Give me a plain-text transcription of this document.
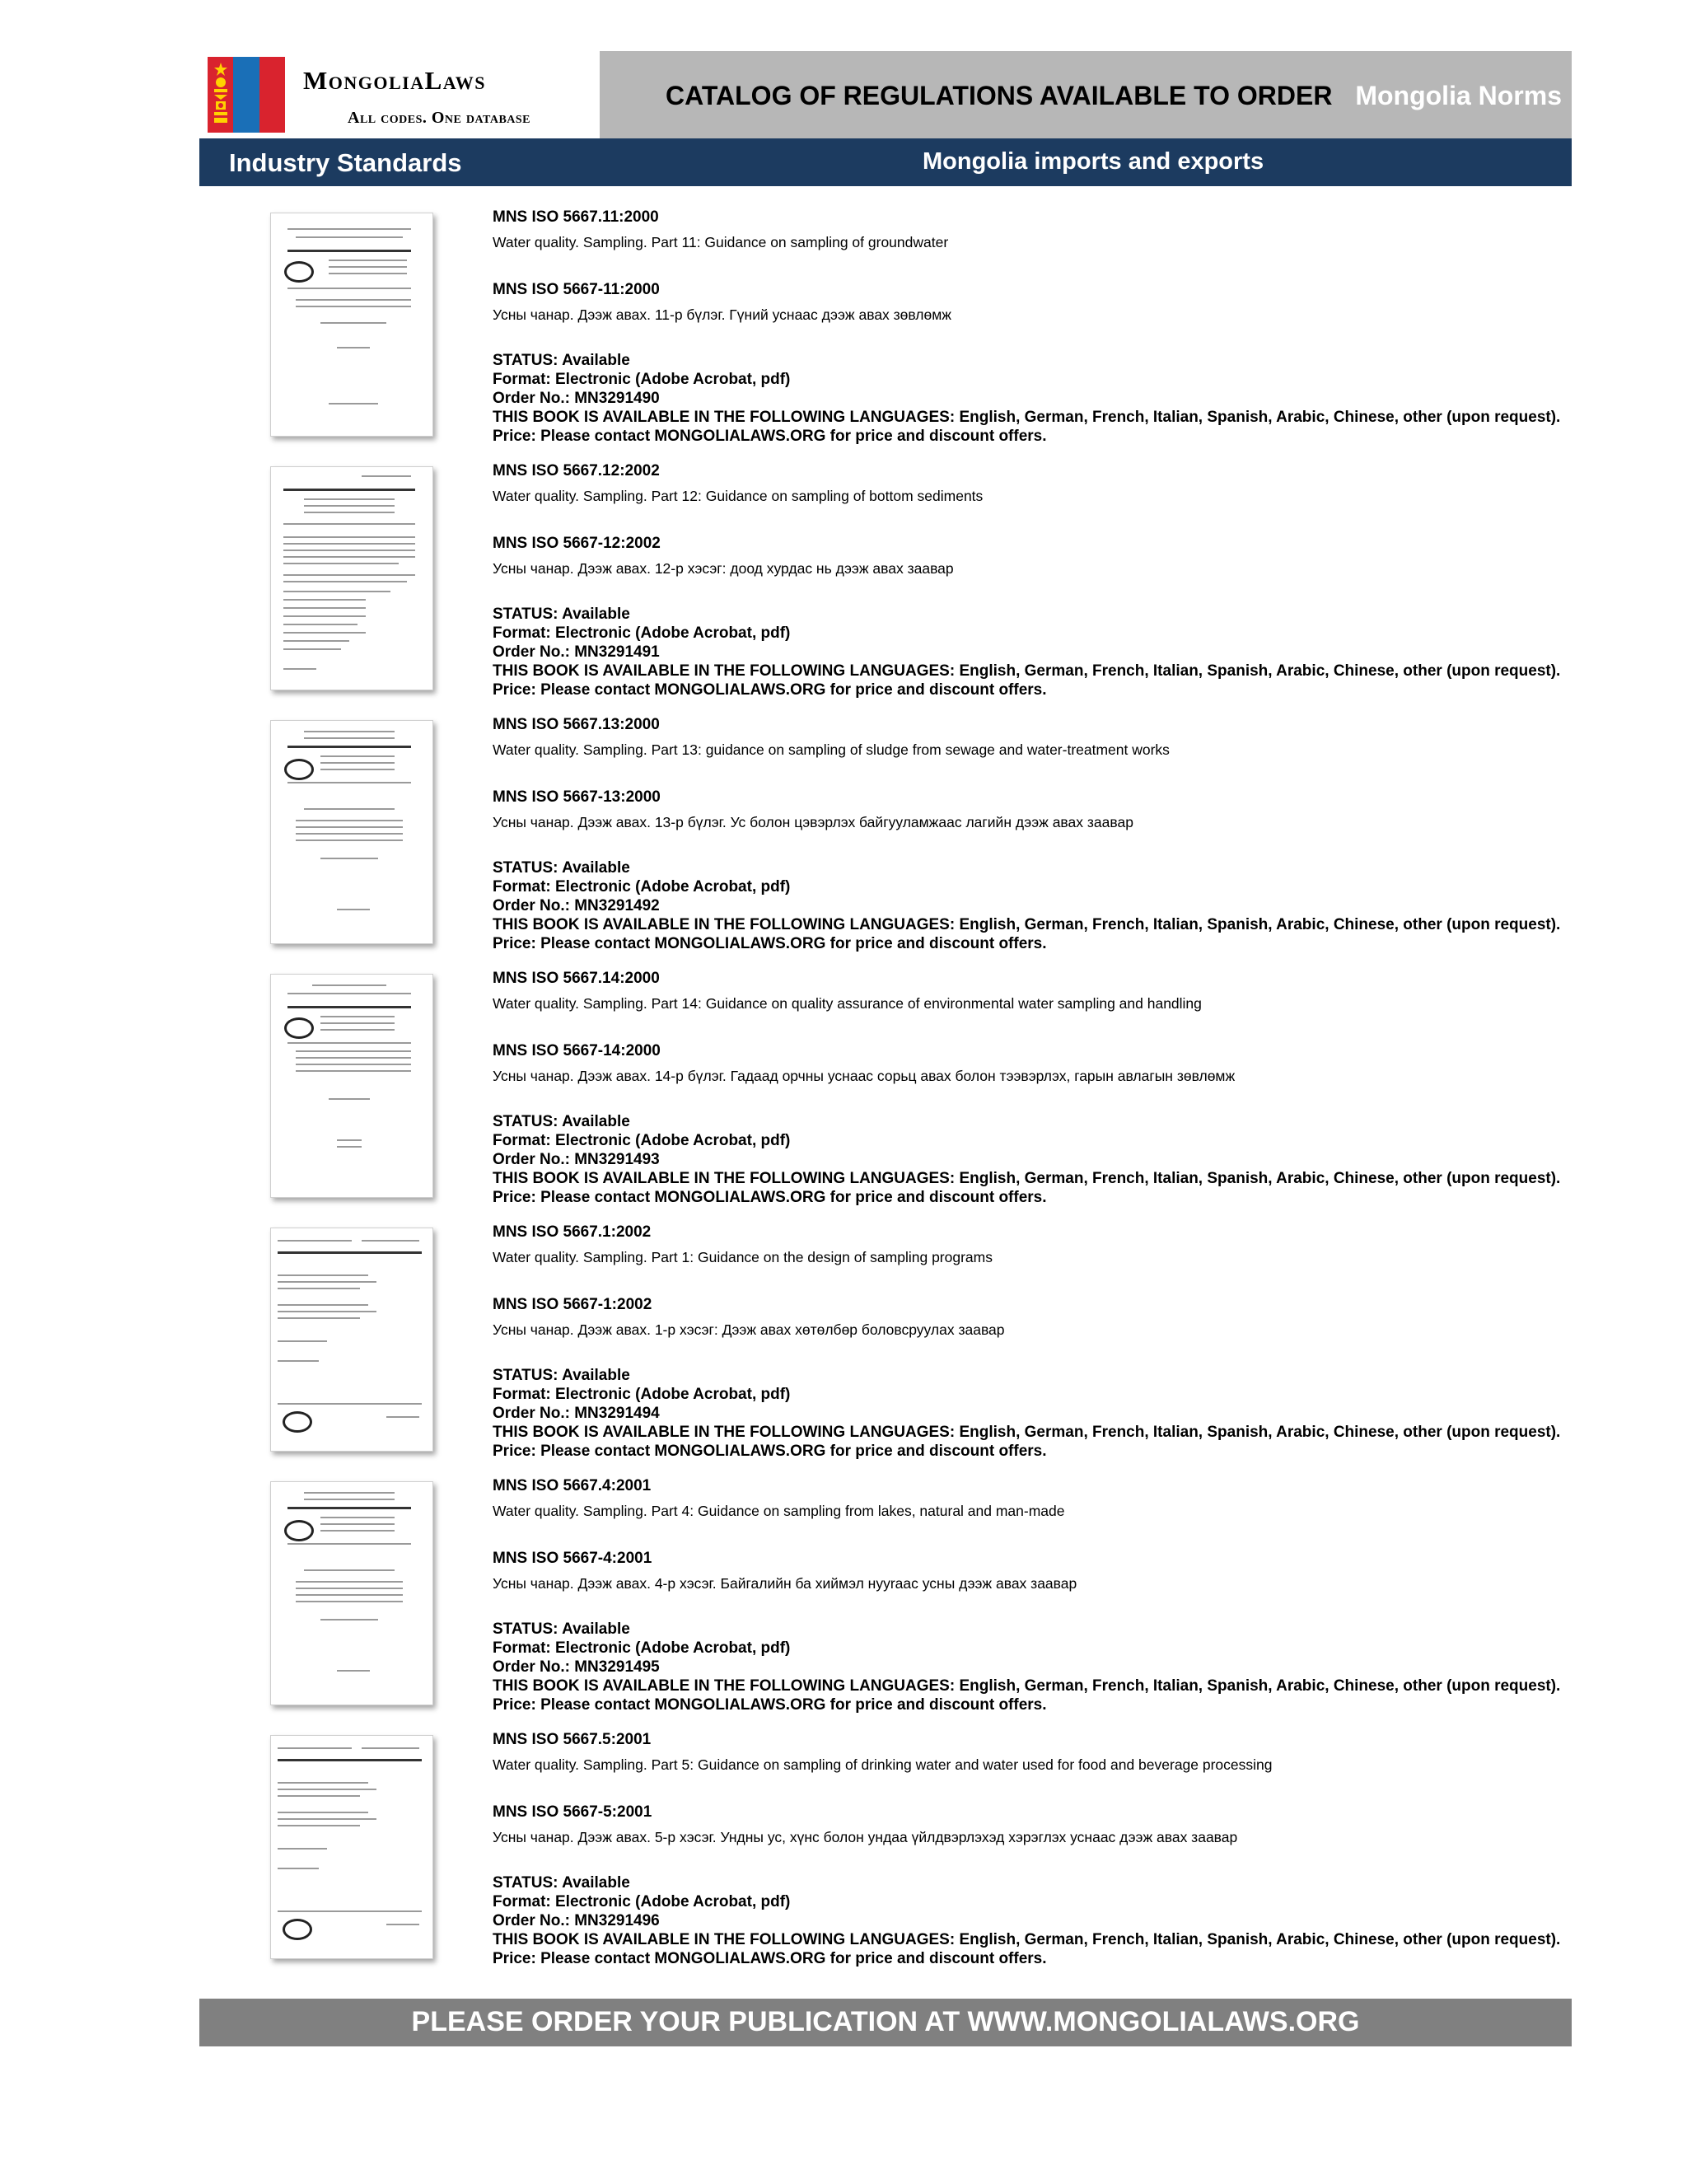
MongoliaLaws
All codes. One database
CATALOG OF REGULATIONS AVAILABLE TO ORDER Mongolia Norms
Industry Standards	Mongolia imports and exports

MNS ISO 5667.11:2000

Water quality. Sampling. Part 11: Guidance on sampling of groundwater

MNS ISO 5667-11:2000

Усны чанар. Дээж авах. 11-р бүлэг. Гүний уснаас дээж авах зөвлөмж

STATUS: Available

Format: Electronic (Adobe Acrobat, pdf)

Order No.: MN3291490

THIS BOOK IS AVAILABLE IN THE FOLLOWING LANGUAGES: English, German, French, Italian, Spanish, Arabic, Chinese, other (upon request).

Price: Please contact MONGOLIALAWS.ORG for price and discount offers.

MNS ISO 5667.12:2002

Water quality. Sampling. Part 12: Guidance on sampling of bottom sediments

MNS ISO 5667-12:2002

Усны чанар. Дээж авах. 12-р хэсэг: доод хурдас нь дээж авах заавар

STATUS: Available

Format: Electronic (Adobe Acrobat, pdf)

Order No.: MN3291491

THIS BOOK IS AVAILABLE IN THE FOLLOWING LANGUAGES: English, German, French, Italian, Spanish, Arabic, Chinese, other (upon request).

Price: Please contact MONGOLIALAWS.ORG for price and discount offers.

MNS ISO 5667.13:2000

Water quality. Sampling. Part 13: guidance on sampling of sludge from sewage and water-treatment works

MNS ISO 5667-13:2000

Усны чанар. Дээж авах. 13-р бүлэг. Ус болон цэвэрлэх байгууламжаас лагийн дээж авах заавар

STATUS: Available

Format: Electronic (Adobe Acrobat, pdf)

Order No.: MN3291492

THIS BOOK IS AVAILABLE IN THE FOLLOWING LANGUAGES: English, German, French, Italian, Spanish, Arabic, Chinese, other (upon request).

Price: Please contact MONGOLIALAWS.ORG for price and discount offers.

MNS ISO 5667.14:2000

Water quality. Sampling. Part 14: Guidance on quality assurance of environmental water sampling and handling

MNS ISO 5667-14:2000

Усны чанар. Дээж авах. 14-р бүлэг. Гадаад орчны уснаас сорьц авах болон тээвэрлэх, гарын авлагын зөвлөмж

STATUS: Available

Format: Electronic (Adobe Acrobat, pdf)

Order No.: MN3291493

THIS BOOK IS AVAILABLE IN THE FOLLOWING LANGUAGES: English, German, French, Italian, Spanish, Arabic, Chinese, other (upon request).

Price: Please contact MONGOLIALAWS.ORG for price and discount offers.

MNS ISO 5667.1:2002

Water quality. Sampling. Part 1: Guidance on the design of sampling programs

MNS ISO 5667-1:2002

Усны чанар. Дээж авах. 1-р хэсэг: Дээж авах хөтөлбөр боловсруулах заавар

STATUS: Available

Format: Electronic (Adobe Acrobat, pdf)

Order No.: MN3291494

THIS BOOK IS AVAILABLE IN THE FOLLOWING LANGUAGES: English, German, French, Italian, Spanish, Arabic, Chinese, other (upon request).

Price: Please contact MONGOLIALAWS.ORG for price and discount offers.

MNS ISO 5667.4:2001

Water quality. Sampling. Part 4: Guidance on sampling from lakes, natural and man-made

MNS ISO 5667-4:2001

Усны чанар. Дээж авах. 4-р хэсэг. Байгалийн ба хиймэл нууraас усны дээж авах заавар

STATUS: Available

Format: Electronic (Adobe Acrobat, pdf)

Order No.: MN3291495

THIS BOOK IS AVAILABLE IN THE FOLLOWING LANGUAGES: English, German, French, Italian, Spanish, Arabic, Chinese, other (upon request).

Price: Please contact MONGOLIALAWS.ORG for price and discount offers.

MNS ISO 5667.5:2001

Water quality. Sampling. Part 5: Guidance on sampling of drinking water and water used for food and beverage processing

MNS ISO 5667-5:2001

Усны чанар. Дээж авах. 5-р хэсэг. Ундны ус, хүнс болон ундаа үйлдвэрлэхэд хэрэглэх уснаас дээж авах заавар

STATUS: Available

Format: Electronic (Adobe Acrobat, pdf)

Order No.: MN3291496

THIS BOOK IS AVAILABLE IN THE FOLLOWING LANGUAGES: English, German, French, Italian, Spanish, Arabic, Chinese, other (upon request).

Price: Please contact MONGOLIALAWS.ORG for price and discount offers.

PLEASE ORDER YOUR PUBLICATION AT WWW.MONGOLIALAWS.ORG
